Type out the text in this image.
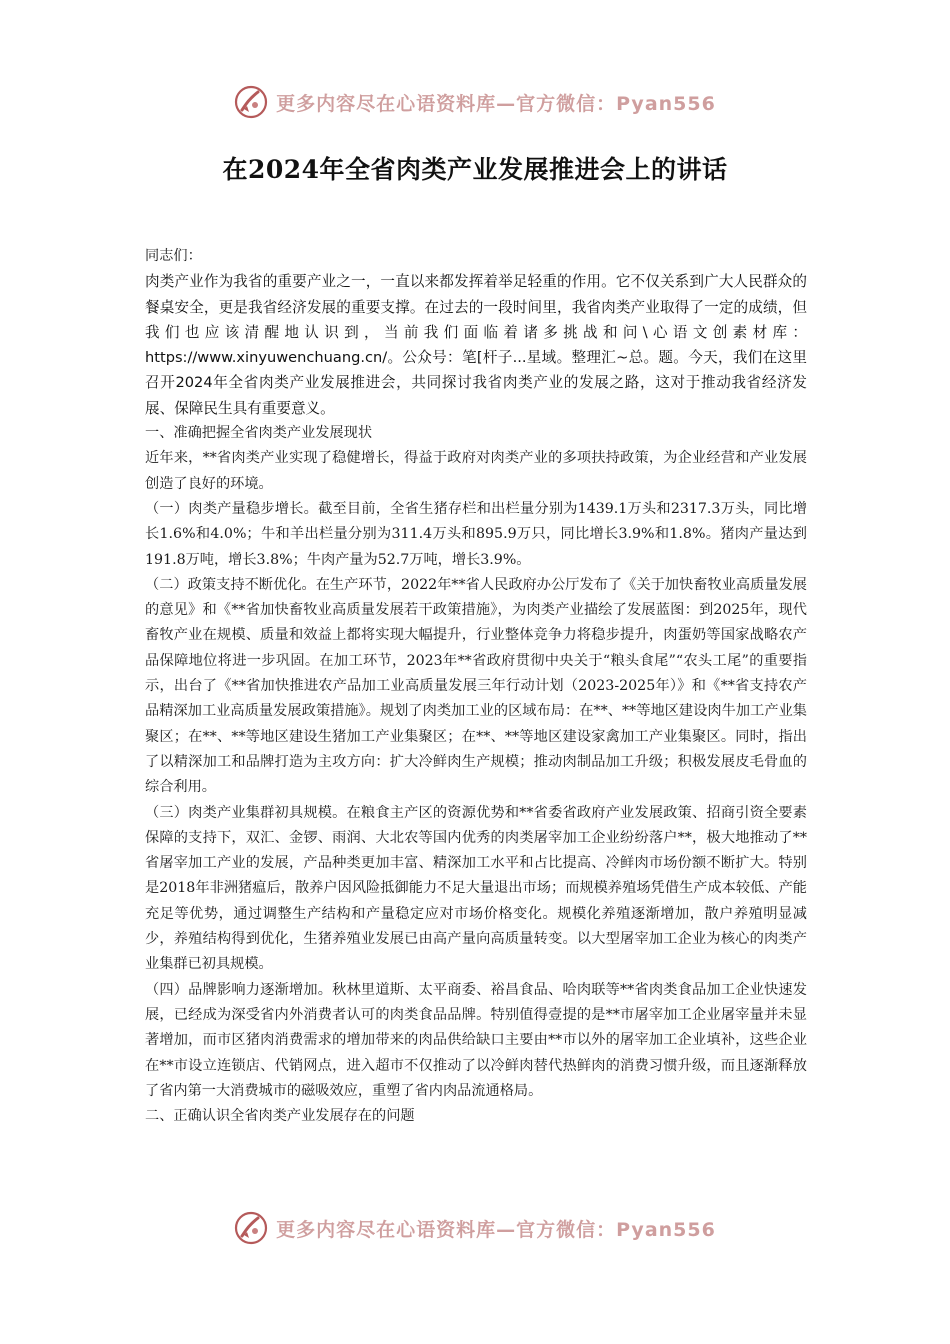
更多内容尽在心语资料库—官方微信：Pyan556
在2024年全省肉类产业发展推进会上的讲话

同志们：

肉类产业作为我省的重要产业之一，一直以来都发挥着举足轻重的作用。它不仅关系到广大人民群众的餐桌安全，更是我省经济发展的重要支撑。在过去的一段时间里，我省肉类产业取得了一定的成绩，但我们也应该清醒地认识到，当前我们面临着诸多挑战和问\心语文创素材库：https://www.xinyuwenchuang.cn/。公众号：笔[杆子...星域。整理汇~总。题。今天，我们在这里召开2024年全省肉类产业发展推进会，共同探讨我省肉类产业的发展之路，这对于推动我省经济发展、保障民生具有重要意义。

一、准确把握全省肉类产业发展现状

近年来，**省肉类产业实现了稳健增长，得益于政府对肉类产业的多项扶持政策，为企业经营和产业发展创造了良好的环境。

（一）肉类产量稳步增长。截至目前，全省生猪存栏和出栏量分别为1439.1万头和2317.3万头，同比增长1.6%和4.0%；牛和羊出栏量分别为311.4万头和895.9万只，同比增长3.9%和1.8%。猪肉产量达到191.8万吨，增长3.8%；牛肉产量为52.7万吨，增长3.9%。

（二）政策支持不断优化。在生产环节，2022年**省人民政府办公厅发布了《关于加快畜牧业高质量发展的意见》和《**省加快畜牧业高质量发展若干政策措施》，为肉类产业描绘了发展蓝图：到2025年，现代畜牧产业在规模、质量和效益上都将实现大幅提升，行业整体竞争力将稳步提升，肉蛋奶等国家战略农产品保障地位将进一步巩固。在加工环节，2023年**省政府贯彻中央关于“粮头食尾”“农头工尾”的重要指示，出台了《**省加快推进农产品加工业高质量发展三年行动计划（2023-2025年）》和《**省支持农产品精深加工业高质量发展政策措施》。规划了肉类加工业的区域布局：在**、**等地区建设肉牛加工产业集聚区；在**、**等地区建设生猪加工产业集聚区；在**、**等地区建设家禽加工产业集聚区。同时，指出了以精深加工和品牌打造为主攻方向：扩大冷鲜肉生产规模；推动肉制品加工升级；积极发展皮毛骨血的综合利用。

（三）肉类产业集群初具规模。在粮食主产区的资源优势和**省委省政府产业发展政策、招商引资全要素保障的支持下，双汇、金锣、雨润、大北农等国内优秀的肉类屠宰加工企业纷纷落户**，极大地推动了**省屠宰加工产业的发展，产品种类更加丰富、精深加工水平和占比提高、冷鲜肉市场份额不断扩大。特别是2018年非洲猪瘟后，散养户因风险抵御能力不足大量退出市场；而规模养殖场凭借生产成本较低、产能充足等优势，通过调整生产结构和产量稳定应对市场价格变化。规模化养殖逐渐增加，散户养殖明显减少，养殖结构得到优化，生猪养殖业发展已由高产量向高质量转变。以大型屠宰加工企业为核心的肉类产业集群已初具规模。

（四）品牌影响力逐渐增加。秋林里道斯、太平商委、裕昌食品、哈肉联等**省肉类食品加工企业快速发展，已经成为深受省内外消费者认可的肉类食品品牌。特别值得壹提的是**市屠宰加工企业屠宰量并未显著增加，而市区猪肉消费需求的增加带来的肉品供给缺口主要由**市以外的屠宰加工企业填补，这些企业在**市设立连锁店、代销网点，进入超市不仅推动了以冷鲜肉替代热鲜肉的消费习惯升级，而且逐渐释放了省内第一大消费城市的磁吸效应，重塑了省内肉品流通格局。

二、正确认识全省肉类产业发展存在的问题

更多内容尽在心语资料库—官方微信：Pyan556
